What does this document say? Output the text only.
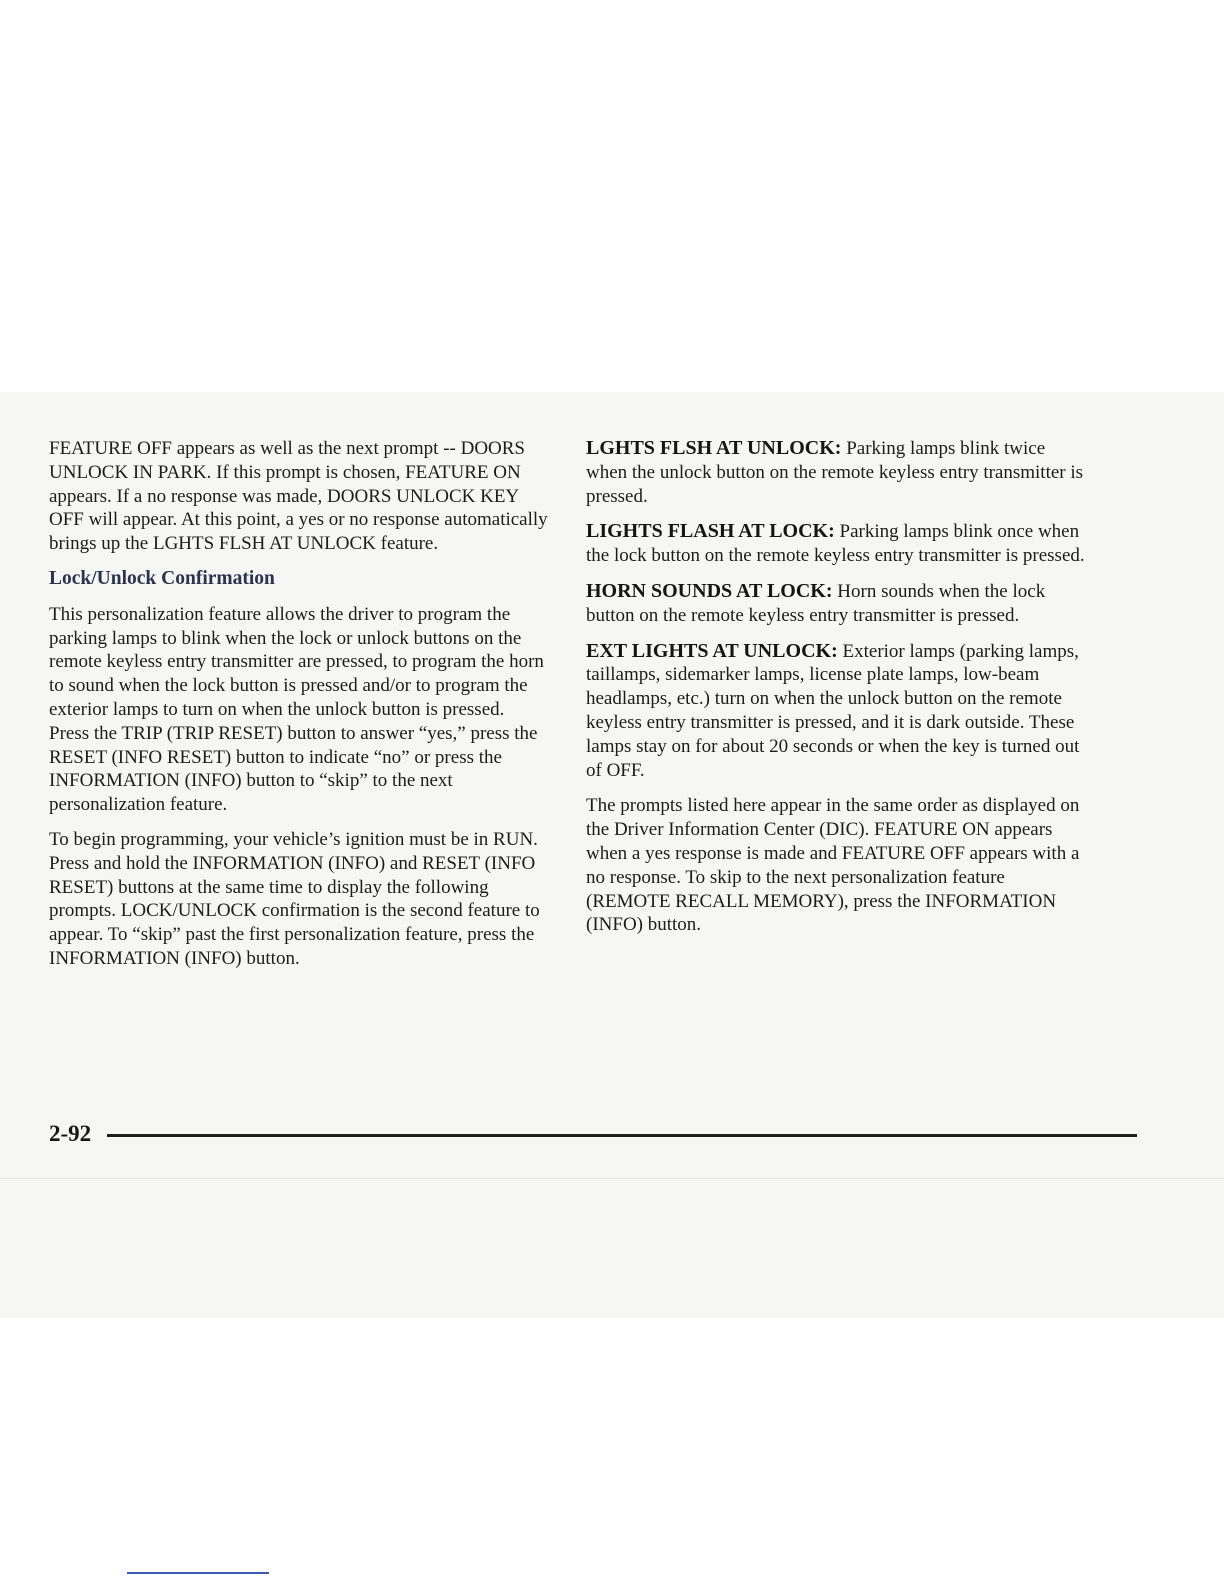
FEATURE OFF appears as well as the next prompt -- DOORS UNLOCK IN PARK. If this prompt is chosen, FEATURE ON appears. If a no response was made, DOORS UNLOCK KEY OFF will appear. At this point, a yes or no response automatically brings up the LGHTS FLSH AT UNLOCK feature.

Lock/Unlock Confirmation

This personalization feature allows the driver to program the parking lamps to blink when the lock or unlock buttons on the remote keyless entry transmitter are pressed, to program the horn to sound when the lock button is pressed and/or to program the exterior lamps to turn on when the unlock button is pressed. Press the TRIP (TRIP RESET) button to answer “yes,” press the RESET (INFO RESET) button to indicate “no” or press the INFORMATION (INFO) button to “skip” to the next personalization feature.

To begin programming, your vehicle’s ignition must be in RUN. Press and hold the INFORMATION (INFO) and RESET (INFO RESET) buttons at the same time to display the following prompts. LOCK/UNLOCK confirmation is the second feature to appear. To “skip” past the first personalization feature, press the INFORMATION (INFO) button.

LGHTS FLSH AT UNLOCK: Parking lamps blink twice when the unlock button on the remote keyless entry transmitter is pressed.

LIGHTS FLASH AT LOCK: Parking lamps blink once when the lock button on the remote keyless entry transmitter is pressed.

HORN SOUNDS AT LOCK: Horn sounds when the lock button on the remote keyless entry transmitter is pressed.

EXT LIGHTS AT UNLOCK: Exterior lamps (parking lamps, taillamps, sidemarker lamps, license plate lamps, low-beam headlamps, etc.) turn on when the unlock button on the remote keyless entry transmitter is pressed, and it is dark outside. These lamps stay on for about 20 seconds or when the key is turned out of OFF.

The prompts listed here appear in the same order as displayed on the Driver Information Center (DIC). FEATURE ON appears when a yes response is made and FEATURE OFF appears with a no response. To skip to the next personalization feature (REMOTE RECALL MEMORY), press the INFORMATION (INFO) button.

2-92
